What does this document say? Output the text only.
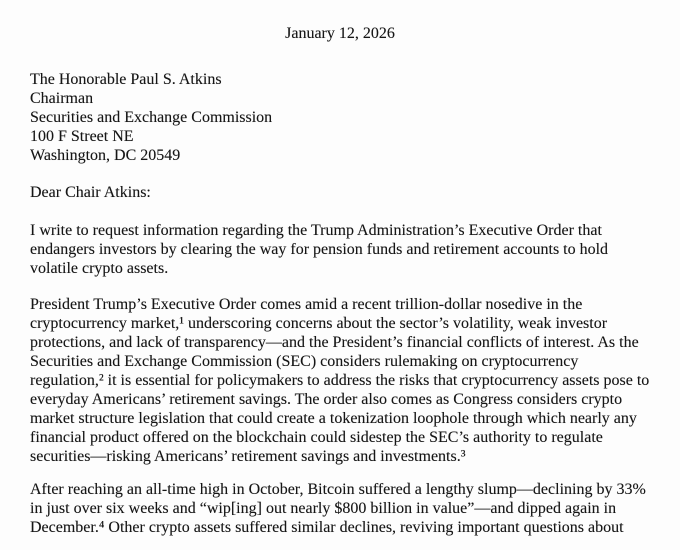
January 12, 2026
The Honorable Paul S. Atkins
Chairman
Securities and Exchange Commission
100 F Street NE
Washington, DC 20549
Dear Chair Atkins:
I write to request information regarding the Trump Administration’s Executive Order that
endangers investors by clearing the way for pension funds and retirement accounts to hold
volatile crypto assets.
President Trump’s Executive Order comes amid a recent trillion-dollar nosedive in the
cryptocurrency market,¹ underscoring concerns about the sector’s volatility, weak investor
protections, and lack of transparency—and the President’s financial conflicts of interest. As the
Securities and Exchange Commission (SEC) considers rulemaking on cryptocurrency
regulation,² it is essential for policymakers to address the risks that cryptocurrency assets pose to
everyday Americans’ retirement savings. The order also comes as Congress considers crypto
market structure legislation that could create a tokenization loophole through which nearly any
financial product offered on the blockchain could sidestep the SEC’s authority to regulate
securities—risking Americans’ retirement savings and investments.³
After reaching an all-time high in October, Bitcoin suffered a lengthy slump—declining by 33%
in just over six weeks and “wip[ing] out nearly $800 billion in value”—and dipped again in
December.⁴ Other crypto assets suffered similar declines, reviving important questions about
